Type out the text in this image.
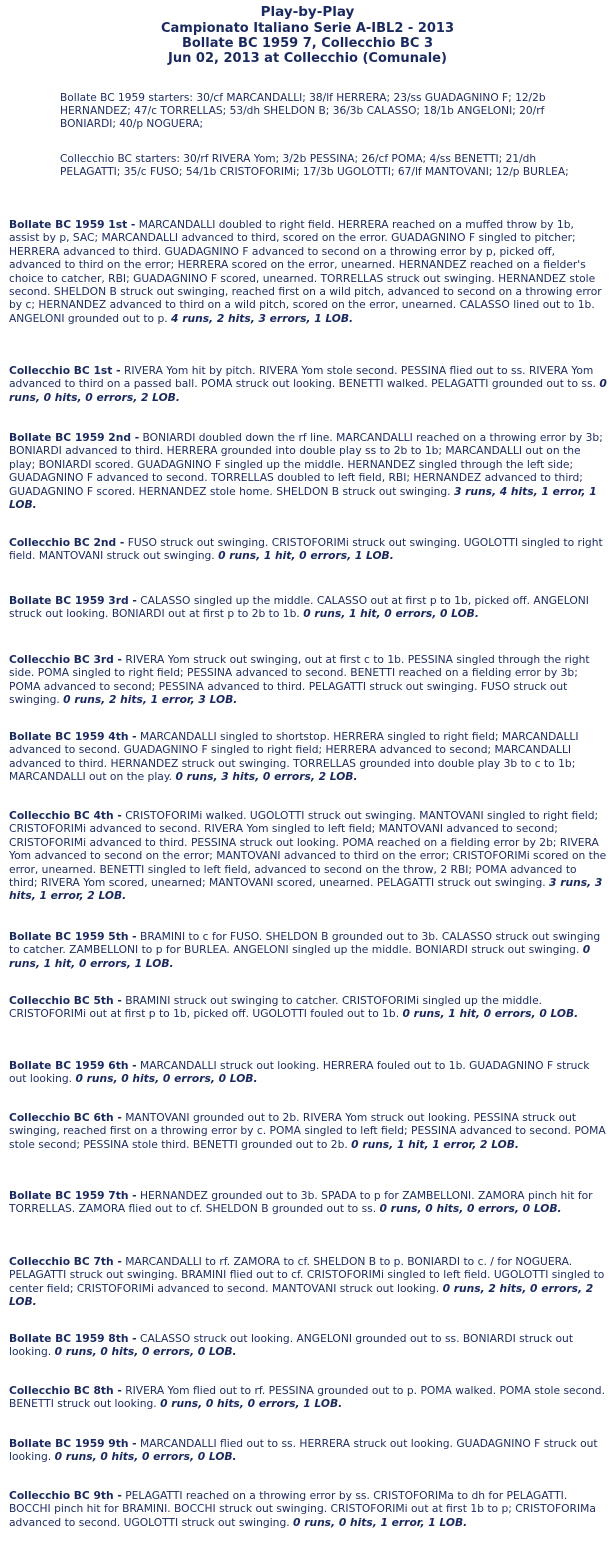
Play-by-Play
Campionato Italiano Serie A-IBL2 - 2013
Bollate BC 1959 7, Collecchio BC 3
Jun 02, 2013 at Collecchio (Comunale)

Bollate BC 1959 starters: 30/cf MARCANDALLI; 38/lf HERRERA; 23/ss GUADAGNINO F; 12/2b HERNANDEZ; 47/c TORRELLAS; 53/dh SHELDON B; 36/3b CALASSO; 18/1b ANGELONI; 20/rf BONIARDI; 40/p NOGUERA;

Collecchio BC starters: 30/rf RIVERA Yom; 3/2b PESSINA; 26/cf POMA; 4/ss BENETTI; 21/dh PELAGATTI; 35/c FUSO; 54/1b CRISTOFORIMi; 17/3b UGOLOTTI; 67/lf MANTOVANI; 12/p BURLEA;

Bollate BC 1959 1st - MARCANDALLI doubled to right field. HERRERA reached on a muffed throw by 1b, assist by p, SAC; MARCANDALLI advanced to third, scored on the error. GUADAGNINO F singled to pitcher; HERRERA advanced to third. GUADAGNINO F advanced to second on a throwing error by p, picked off, advanced to third on the error; HERRERA scored on the error, unearned. HERNANDEZ reached on a fielder's choice to catcher, RBI; GUADAGNINO F scored, unearned. TORRELLAS struck out swinging. HERNANDEZ stole second. SHELDON B struck out swinging, reached first on a wild pitch, advanced to second on a throwing error by c; HERNANDEZ advanced to third on a wild pitch, scored on the error, unearned. CALASSO lined out to 1b. ANGELONI grounded out to p. 4 runs, 2 hits, 3 errors, 1 LOB.
Collecchio BC 1st - RIVERA Yom hit by pitch. RIVERA Yom stole second. PESSINA flied out to ss. RIVERA Yom advanced to third on a passed ball. POMA struck out looking. BENETTI walked. PELAGATTI grounded out to ss. 0 runs, 0 hits, 0 errors, 2 LOB.
Bollate BC 1959 2nd - BONIARDI doubled down the rf line. MARCANDALLI reached on a throwing error by 3b; BONIARDI advanced to third. HERRERA grounded into double play ss to 2b to 1b; MARCANDALLI out on the play; BONIARDI scored. GUADAGNINO F singled up the middle. HERNANDEZ singled through the left side; GUADAGNINO F advanced to second. TORRELLAS doubled to left field, RBI; HERNANDEZ advanced to third; GUADAGNINO F scored. HERNANDEZ stole home. SHELDON B struck out swinging. 3 runs, 4 hits, 1 error, 1 LOB.
Collecchio BC 2nd - FUSO struck out swinging. CRISTOFORIMi struck out swinging. UGOLOTTI singled to right field. MANTOVANI struck out swinging. 0 runs, 1 hit, 0 errors, 1 LOB.
Bollate BC 1959 3rd - CALASSO singled up the middle. CALASSO out at first p to 1b, picked off. ANGELONI struck out looking. BONIARDI out at first p to 2b to 1b. 0 runs, 1 hit, 0 errors, 0 LOB.
Collecchio BC 3rd - RIVERA Yom struck out swinging, out at first c to 1b. PESSINA singled through the right side. POMA singled to right field; PESSINA advanced to second. BENETTI reached on a fielding error by 3b; POMA advanced to second; PESSINA advanced to third. PELAGATTI struck out swinging. FUSO struck out swinging. 0 runs, 2 hits, 1 error, 3 LOB.
Bollate BC 1959 4th - MARCANDALLI singled to shortstop. HERRERA singled to right field; MARCANDALLI advanced to second. GUADAGNINO F singled to right field; HERRERA advanced to second; MARCANDALLI advanced to third. HERNANDEZ struck out swinging. TORRELLAS grounded into double play 3b to c to 1b; MARCANDALLI out on the play. 0 runs, 3 hits, 0 errors, 2 LOB.
Collecchio BC 4th - CRISTOFORIMi walked. UGOLOTTI struck out swinging. MANTOVANI singled to right field; CRISTOFORIMi advanced to second. RIVERA Yom singled to left field; MANTOVANI advanced to second; CRISTOFORIMi advanced to third. PESSINA struck out looking. POMA reached on a fielding error by 2b; RIVERA Yom advanced to second on the error; MANTOVANI advanced to third on the error; CRISTOFORIMi scored on the error, unearned. BENETTI singled to left field, advanced to second on the throw, 2 RBI; POMA advanced to third; RIVERA Yom scored, unearned; MANTOVANI scored, unearned. PELAGATTI struck out swinging. 3 runs, 3 hits, 1 error, 2 LOB.
Bollate BC 1959 5th - BRAMINI to c for FUSO. SHELDON B grounded out to 3b. CALASSO struck out swinging to catcher. ZAMBELLONI to p for BURLEA. ANGELONI singled up the middle. BONIARDI struck out swinging. 0 runs, 1 hit, 0 errors, 1 LOB.
Collecchio BC 5th - BRAMINI struck out swinging to catcher. CRISTOFORIMi singled up the middle. CRISTOFORIMi out at first p to 1b, picked off. UGOLOTTI fouled out to 1b. 0 runs, 1 hit, 0 errors, 0 LOB.
Bollate BC 1959 6th - MARCANDALLI struck out looking. HERRERA fouled out to 1b. GUADAGNINO F struck out looking. 0 runs, 0 hits, 0 errors, 0 LOB.
Collecchio BC 6th - MANTOVANI grounded out to 2b. RIVERA Yom struck out looking. PESSINA struck out swinging, reached first on a throwing error by c. POMA singled to left field; PESSINA advanced to second. POMA stole second; PESSINA stole third. BENETTI grounded out to 2b. 0 runs, 1 hit, 1 error, 2 LOB.
Bollate BC 1959 7th - HERNANDEZ grounded out to 3b. SPADA to p for ZAMBELLONI. ZAMORA pinch hit for TORRELLAS. ZAMORA flied out to cf. SHELDON B grounded out to ss. 0 runs, 0 hits, 0 errors, 0 LOB.
Collecchio BC 7th - MARCANDALLI to rf. ZAMORA to cf. SHELDON B to p. BONIARDI to c. / for NOGUERA. PELAGATTI struck out swinging. BRAMINI flied out to cf. CRISTOFORIMi singled to left field. UGOLOTTI singled to center field; CRISTOFORIMi advanced to second. MANTOVANI struck out looking. 0 runs, 2 hits, 0 errors, 2 LOB.
Bollate BC 1959 8th - CALASSO struck out looking. ANGELONI grounded out to ss. BONIARDI struck out looking. 0 runs, 0 hits, 0 errors, 0 LOB.
Collecchio BC 8th - RIVERA Yom flied out to rf. PESSINA grounded out to p. POMA walked. POMA stole second. BENETTI struck out looking. 0 runs, 0 hits, 0 errors, 1 LOB.
Bollate BC 1959 9th - MARCANDALLI flied out to ss. HERRERA struck out looking. GUADAGNINO F struck out looking. 0 runs, 0 hits, 0 errors, 0 LOB.
Collecchio BC 9th - PELAGATTI reached on a throwing error by ss. CRISTOFORIMa to dh for PELAGATTI. BOCCHI pinch hit for BRAMINI. BOCCHI struck out swinging. CRISTOFORIMi out at first 1b to p; CRISTOFORIMa advanced to second. UGOLOTTI struck out swinging. 0 runs, 0 hits, 1 error, 1 LOB.
